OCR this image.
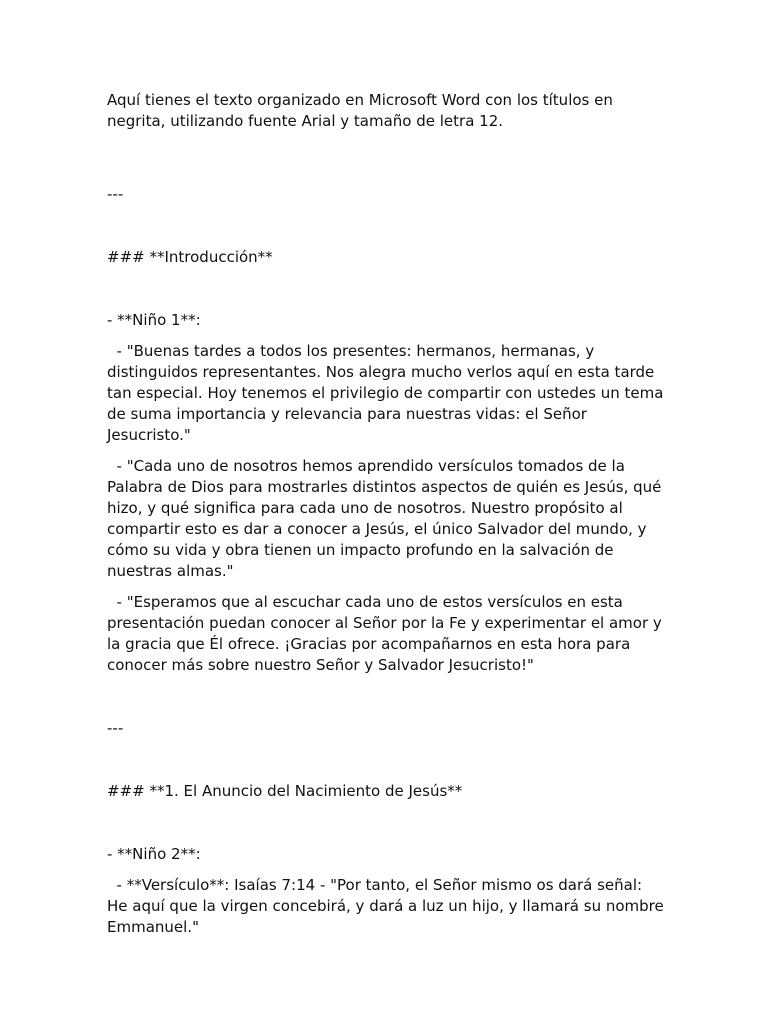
Aquí tienes el texto organizado en Microsoft Word con los títulos en negrita, utilizando fuente Arial y tamaño de letra 12.

---

### **Introducción**

- **Niño 1**:

- "Buenas tardes a todos los presentes: hermanos, hermanas, y distinguidos representantes. Nos alegra mucho verlos aquí en esta tarde tan especial. Hoy tenemos el privilegio de compartir con ustedes un tema de suma importancia y relevancia para nuestras vidas: el Señor Jesucristo."

- "Cada uno de nosotros hemos aprendido versículos tomados de la Palabra de Dios para mostrarles distintos aspectos de quién es Jesús, qué hizo, y qué significa para cada uno de nosotros. Nuestro propósito al compartir esto es dar a conocer a Jesús, el único Salvador del mundo, y cómo su vida y obra tienen un impacto profundo en la salvación de nuestras almas."

- "Esperamos que al escuchar cada uno de estos versículos en esta presentación puedan conocer al Señor por la Fe y experimentar el amor y la gracia que Él ofrece. ¡Gracias por acompañarnos en esta hora para conocer más sobre nuestro Señor y Salvador Jesucristo!"

---

### **1. El Anuncio del Nacimiento de Jesús**

- **Niño 2**:

- **Versículo**: Isaías 7:14 - "Por tanto, el Señor mismo os dará señal: He aquí que la virgen concebirá, y dará a luz un hijo, y llamará su nombre Emmanuel."
